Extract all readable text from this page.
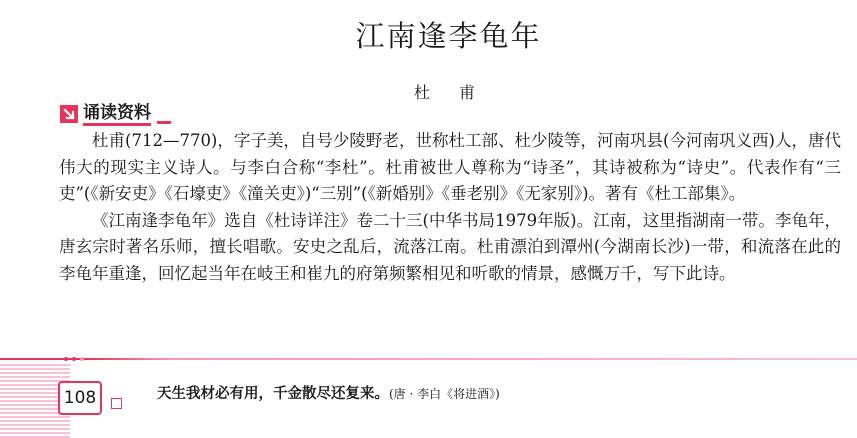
江南逢李龟年
杜 甫
诵读资料

杜甫(712—770)，字子美，自号少陵野老，世称杜工部、杜少陵等，河南巩县(今河南巩义西)人，唐代伟大的现实主义诗人。与李白合称“李杜”。杜甫被世人尊称为“诗圣”，其诗被称为“诗史”。代表作有“三吏”(《新安吏》《石壕吏》《潼关吏》)“三别”(《新婚别》《垂老别》《无家别》)。著有《杜工部集》。

《江南逢李龟年》选自《杜诗详注》卷二十三(中华书局1979年版)。江南，这里指湖南一带。李龟年，唐玄宗时著名乐师，擅长唱歌。安史之乱后，流落江南。杜甫漂泊到潭州(今湖南长沙)一带，和流落在此的李龟年重逢，回忆起当年在岐王和崔九的府第频繁相见和听歌的情景，感慨万千，写下此诗。

108	天生我材必有用，千金散尽还复来。(唐 · 李白《将进酒》)
